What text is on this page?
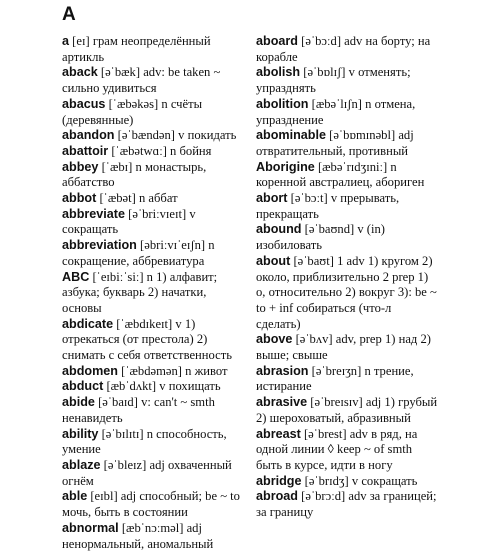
A
a [eɪ] грам неопределённый артикль
aback [əˈbæk] adv: be taken ~ сильно удивиться
abacus [ˈæbəkəs] n счёты (деревянные)
abandon [əˈbændən] v покидать
abattoir [ˈæbətwɑː] n бойня
abbey [ˈæbɪ] n монастырь, аббатство
abbot [ˈæbət] n аббат
abbreviate [əˈbriːvɪeɪt] v сокращать
abbreviation [əbriːvɪˈeɪʃn] n сокращение, аббревиатура
ABC [ˈeɪbiːˈsiː] n 1) алфавит; азбука; букварь 2) начатки, основы
abdicate [ˈæbdɪkeɪt] v 1) отрекаться (от престола) 2) снимать с себя ответственность
abdomen [ˈæbdəmən] n живот
abduct [æbˈdʌkt] v похищать
abide [əˈbaɪd] v: can't ~ smth ненавидеть
ability [əˈbɪlɪtɪ] n способность, умение
ablaze [əˈbleɪz] adj охваченный огнём
able [eɪbl] adj способный; be ~ to мочь, быть в состоянии
abnormal [æbˈnɔːməl] adj ненормальный, аномальный
aboard [əˈbɔːd] adv на борту; на корабле
abolish [əˈbɒlɪʃ] v отменять; упразднять
abolition [æbəˈlɪʃn] n отмена, упразднение
abominable [əˈbɒmɪnəbl] adj отвратительный, противный
Aborigine [æbəˈrɪdʒɪniː] n коренной австралиец, абориген
abort [əˈbɔːt] v прерывать, прекращать
abound [əˈbaʊnd] v (in) изобиловать
about [əˈbaʊt] 1 adv 1) кругом 2) около, приблизительно 2 prep 1) о, относительно 2) вокруг 3): be ~ to + inf собираться (что-л сделать)
above [əˈbʌv] adv, prep 1) над 2) выше; свыше
abrasion [əˈbreɪʒn] n трение, истирание
abrasive [əˈbreɪsɪv] adj 1) грубый 2) шероховатый, абразивный
abreast [əˈbrest] adv в ряд, на одной линии ◊ keep ~ of smth быть в курсе, идти в ногу
abridge [əˈbrɪdʒ] v сокращать
abroad [əˈbrɔːd] adv за границей; за границу
